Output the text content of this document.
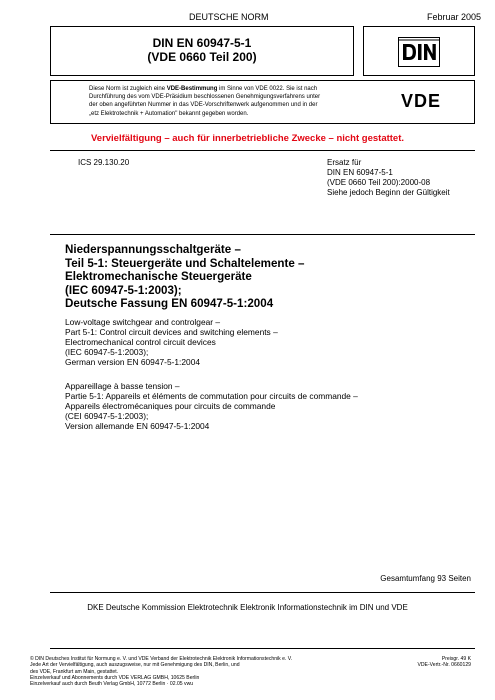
DEUTSCHE NORM	Februar 2005
DIN EN 60947-5-1
(VDE 0660 Teil 200)
Diese Norm ist zugleich eine VDE-Bestimmung im Sinne von VDE 0022. Sie ist nach
Durchführung des vom VDE-Präsidium beschlossenen Genehmigungsverfahrens unter
der oben angeführten Nummer in das VDE-Vorschriftenwerk aufgenommen und in der
„etz Elektrotechnik + Automation" bekannt gegeben worden.
VDE
Vervielfältigung – auch für innerbetriebliche Zwecke – nicht gestattet.
ICS 29.130.20	Ersatz für
DIN EN 60947-5-1
(VDE 0660 Teil 200):2000-08
Siehe jedoch Beginn der Gültigkeit
Niederspannungsschaltgeräte –
Teil 5-1: Steuergeräte und Schaltelemente –
Elektromechanische Steuergeräte
(IEC 60947-5-1:2003);
Deutsche Fassung EN 60947-5-1:2004
Low-voltage switchgear and controlgear –
Part 5-1: Control circuit devices and switching elements –
Electromechanical control circuit devices
(IEC 60947-5-1:2003);
German version EN 60947-5-1:2004
Appareillage à basse tension –
Partie 5-1: Appareils et éléments de commutation pour circuits de commande –
Appareils électromécaniques pour circuits de commande
(CEI 60947-5-1:2003);
Version allemande EN 60947-5-1:2004
Gesamtumfang 93 Seiten
DKE Deutsche Kommission Elektrotechnik Elektronik Informationstechnik im DIN und VDE
© DIN Deutsches Institut für Normung e. V. und VDE Verband der Elektrotechnik Elektronik Informationstechnik e. V.
Jede Art der Vervielfältigung, auch auszugsweise, nur mit Genehmigung des DIN, Berlin, und
des VDE, Frankfurt am Main, gestattet.
Einzelverkauf und Abonnements durch VDE VERLAG GMBH, 10625 Berlin
Einzelverkauf auch durch Beuth Verlag GmbH, 10772 Berlin · 02.05 vwu
Preisgr. 49 K
VDE-Vertr.-Nr. 0660129
